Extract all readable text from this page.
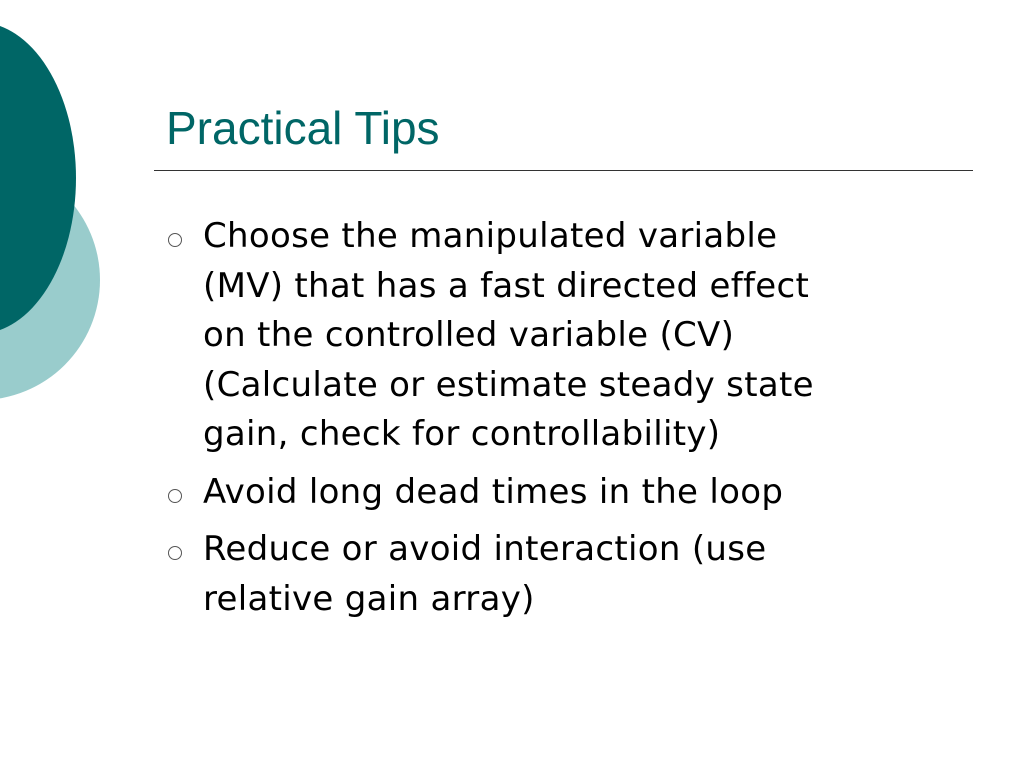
Practical Tips
Choose the manipulated variable
(MV) that has a fast directed effect
on the controlled variable (CV)
(Calculate or estimate steady state
gain, check for controllability)
Avoid long dead times in the loop
Reduce or avoid interaction (use
relative gain array)
